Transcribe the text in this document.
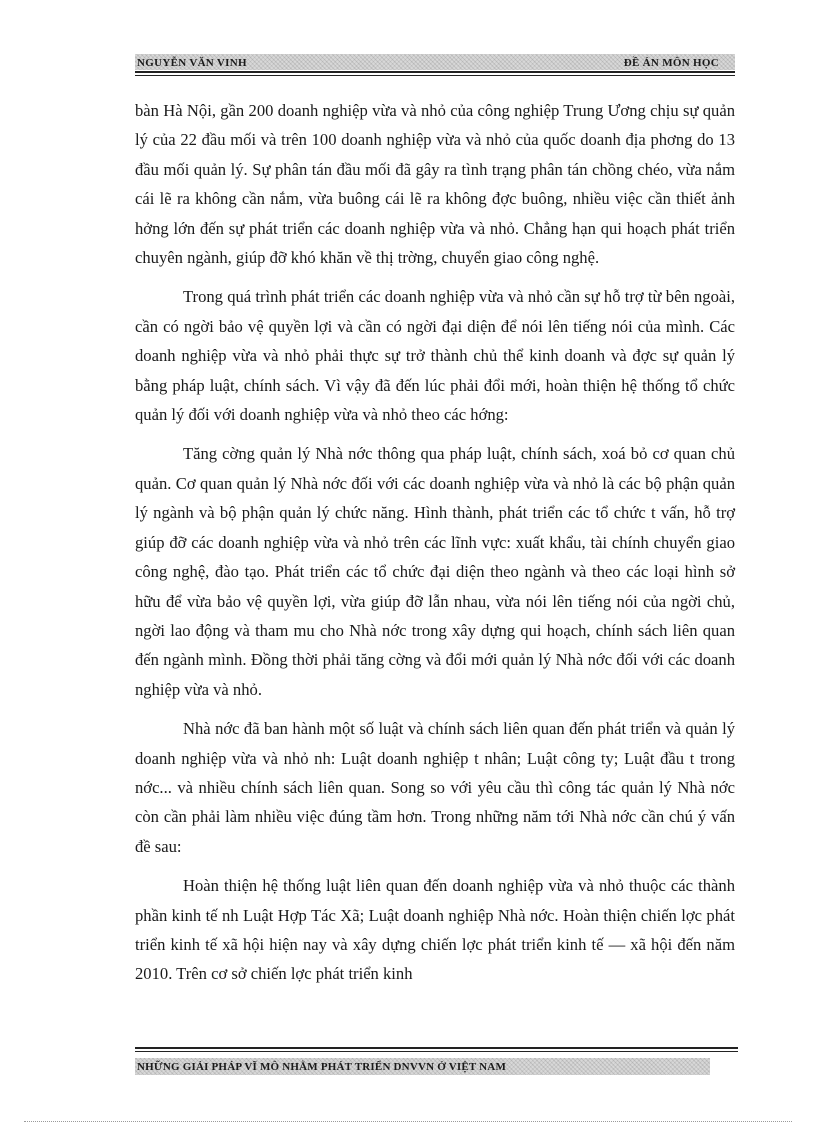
NGUYỄN VĂN VINH	ĐỀ ÁN MÔN HỌC

bàn Hà Nội, gần 200 doanh nghiệp vừa và nhỏ của công nghiệp Trung Ương chịu sự quản lý của 22 đầu mối và trên 100 doanh nghiệp vừa và nhỏ của quốc doanh địa phơng do 13 đầu mối quản lý. Sự phân tán đầu mối đã gây ra tình trạng phân tán chồng chéo, vừa nắm cái lẽ ra không cần nắm, vừa buông cái lẽ ra không đợc buông, nhiều việc cần thiết ảnh hởng lớn đến sự phát triển các doanh nghiệp vừa và nhỏ. Chẳng hạn qui hoạch phát triển chuyên ngành, giúp đỡ khó khăn về thị trờng, chuyển giao công nghệ.

Trong quá trình phát triển các doanh nghiệp vừa và nhỏ cần sự hỗ trợ từ bên ngoài, cần có ngời bảo vệ quyền lợi và cần có ngời đại diện để nói lên tiếng nói của mình. Các doanh nghiệp vừa và nhỏ phải thực sự trở thành chủ thể kinh doanh và đợc sự quản lý bằng pháp luật, chính sách. Vì vậy đã đến lúc phải đổi mới, hoàn thiện hệ thống tổ chức quản lý đối với doanh nghiệp vừa và nhỏ theo các hớng:

Tăng cờng quản lý Nhà nớc thông qua pháp luật, chính sách, xoá bỏ cơ quan chủ quản. Cơ quan quản lý Nhà nớc đối với các doanh nghiệp vừa và nhỏ là các bộ phận quản lý ngành và bộ phận quản lý chức năng. Hình thành, phát triển các tổ chức t vấn, hỗ trợ giúp đỡ các doanh nghiệp vừa và nhỏ trên các lĩnh vực: xuất khẩu, tài chính chuyển giao công nghệ, đào tạo. Phát triển các tổ chức đại diện theo ngành và theo các loại hình sở hữu để vừa bảo vệ quyền lợi, vừa giúp đỡ lẫn nhau, vừa nói lên tiếng nói của ngời chủ, ngời lao động và tham mu cho Nhà nớc trong xây dựng qui hoạch, chính sách liên quan đến ngành mình. Đồng thời phải tăng cờng và đổi mới quản lý Nhà nớc đối với các doanh nghiệp vừa và nhỏ.

Nhà nớc đã ban hành một số luật và chính sách liên quan đến phát triển và quản lý doanh nghiệp vừa và nhỏ nh: Luật doanh nghiệp t nhân; Luật công ty; Luật đầu t trong nớc... và nhiều chính sách liên quan. Song so với yêu cầu thì công tác quản lý Nhà nớc còn cần phải làm nhiều việc đúng tầm hơn. Trong những năm tới Nhà nớc cần chú ý vấn đề sau:

Hoàn thiện hệ thống luật liên quan đến doanh nghiệp vừa và nhỏ thuộc các thành phần kinh tế nh Luật Hợp Tác Xã; Luật doanh nghiệp Nhà nớc. Hoàn thiện chiến lợc phát triển kinh tế xã hội hiện nay và xây dựng chiến lợc phát triển kinh tế — xã hội đến năm 2010. Trên cơ sở chiến lợc phát triển kinh

NHỮNG GIẢI PHÁP VĨ MÔ NHẰM PHÁT TRIỂN DNVVN Ở VIỆT NAM
